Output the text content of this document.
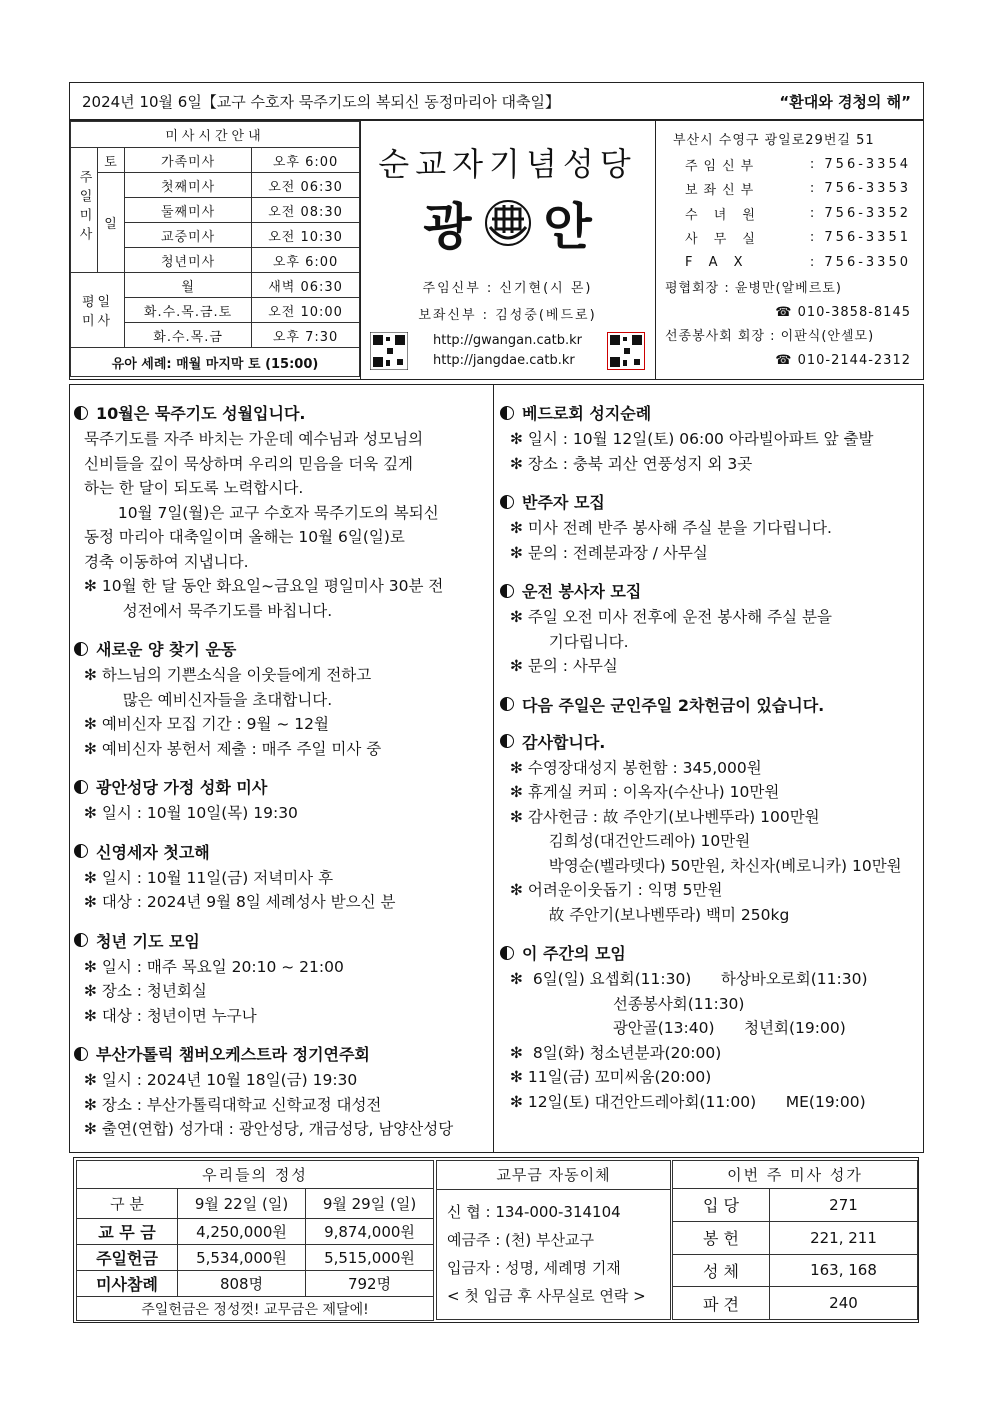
2024년 10월 6일【교구 수호자 묵주기도의 복되신 동정마리아 대축일】	“환대와 경청의 해”
미사시간안내			
주일미사	토	가족미사	오후 6:00
	일	첫째미사	오전 06:30
		둘째미사	오전 08:30
		교중미사	오전 10:30
		청년미사	오후 6:00
평일미사		월	새벽 06:30
		화.수.목.금.토	오전 10:00
		화.수.목.금	오후 7:30
유아 세례: 매월 마지막 토 (15:00)			
순교자기념성당
광 안
주임신부 : 신기현(시 몬)
보좌신부 : 김성중(베드로)
http://gwangan.catb.kr
http://jangdae.catb.kr
부산시 수영구 광일로29번길 51
주임신부	: 756-3354
보좌신부	: 756-3353
수 녀 원	: 756-3352
사 무 실	: 756-3351
F A X	: 756-3350
평협회장 : 윤병만(알베르토)
☎ 010-3858-8145
선종봉사회 회장 : 이판식(안셀모)
☎ 010-2144-2312
10월은 묵주기도 성월입니다.
묵주기도를 자주 바치는 가운데 예수님과 성모님의
신비들을 깊이 묵상하며 우리의 믿음을 더욱 깊게
하는 한 달이 되도록 노력합시다.
10월 7일(월)은 교구 수호자 묵주기도의 복되신
동정 마리아 대축일이며 올해는 10월 6일(일)로
경축 이동하여 지냅니다.
✻ 10월 한 달 동안 화요일~금요일 평일미사 30분 전
성전에서 묵주기도를 바칩니다.
새로운 양 찾기 운동
✻ 하느님의 기쁜소식을 이웃들에게 전하고
많은 예비신자들을 초대합니다.
✻ 예비신자 모집 기간 : 9월 ~ 12월
✻ 예비신자 봉헌서 제출 : 매주 주일 미사 중
광안성당 가정 성화 미사
✻ 일시 : 10월 10일(목) 19:30
신영세자 첫고해
✻ 일시 : 10월 11일(금) 저녁미사 후
✻ 대상 : 2024년 9월 8일 세례성사 받으신 분
청년 기도 모임
✻ 일시 : 매주 목요일 20:10 ~ 21:00
✻ 장소 : 청년회실
✻ 대상 : 청년이면 누구나
부산가톨릭 챔버오케스트라 정기연주회
✻ 일시 : 2024년 10월 18일(금) 19:30
✻ 장소 : 부산가톨릭대학교 신학교정 대성전
✻ 출연(연합) 성가대 : 광안성당, 개금성당, 남양산성당
베드로회 성지순례
✻ 일시 : 10월 12일(토) 06:00 아라빌아파트 앞 출발
✻ 장소 : 충북 괴산 연풍성지 외 3곳
반주자 모집
✻ 미사 전례 반주 봉사해 주실 분을 기다립니다.
✻ 문의 : 전례분과장 / 사무실
운전 봉사자 모집
✻ 주일 오전 미사 전후에 운전 봉사해 주실 분을
기다립니다.
✻ 문의 : 사무실
다음 주일은 군인주일 2차헌금이 있습니다.
감사합니다.
✻ 수영장대성지 봉헌함 : 345,000원
✻ 휴게실 커피 : 이옥자(수산나) 10만원
✻ 감사헌금 : 故 주안기(보나벤뚜라) 100만원
김희성(대건안드레아) 10만원
박영순(벨라뎃다) 50만원, 차신자(베로니카) 10만원
✻ 어려운이웃돕기 : 익명 5만원
故 주안기(보나벤뚜라) 백미 250kg
이 주간의 모임
✻  6일(일) 요셉회(11:30)      하상바오로회(11:30)
선종봉사회(11:30)
광안골(13:40)      청년회(19:00)
✻  8일(화) 청소년분과(20:00)
✻ 11일(금) 꼬미씨움(20:00)
✻ 12일(토) 대건안드레아회(11:00)      ME(19:00)
우리들의 정성		
구 분	9월 22일 (일)	9월 29일 (일)
교 무 금	4,250,000원	9,874,000원
주일헌금	5,534,000원	5,515,000원
미사참례	808명	792명
주일헌금은 정성껏! 교무금은 제달에!		
교무금 자동이체
신 협 : 134-000-314104
예금주 : (천) 부산교구
입금자 : 성명, 세례명 기재
< 첫 입금 후 사무실로 연락 >
이번 주 미사 성가	
입 당	271
봉 헌	221, 211
성 체	163, 168
파 견	240
